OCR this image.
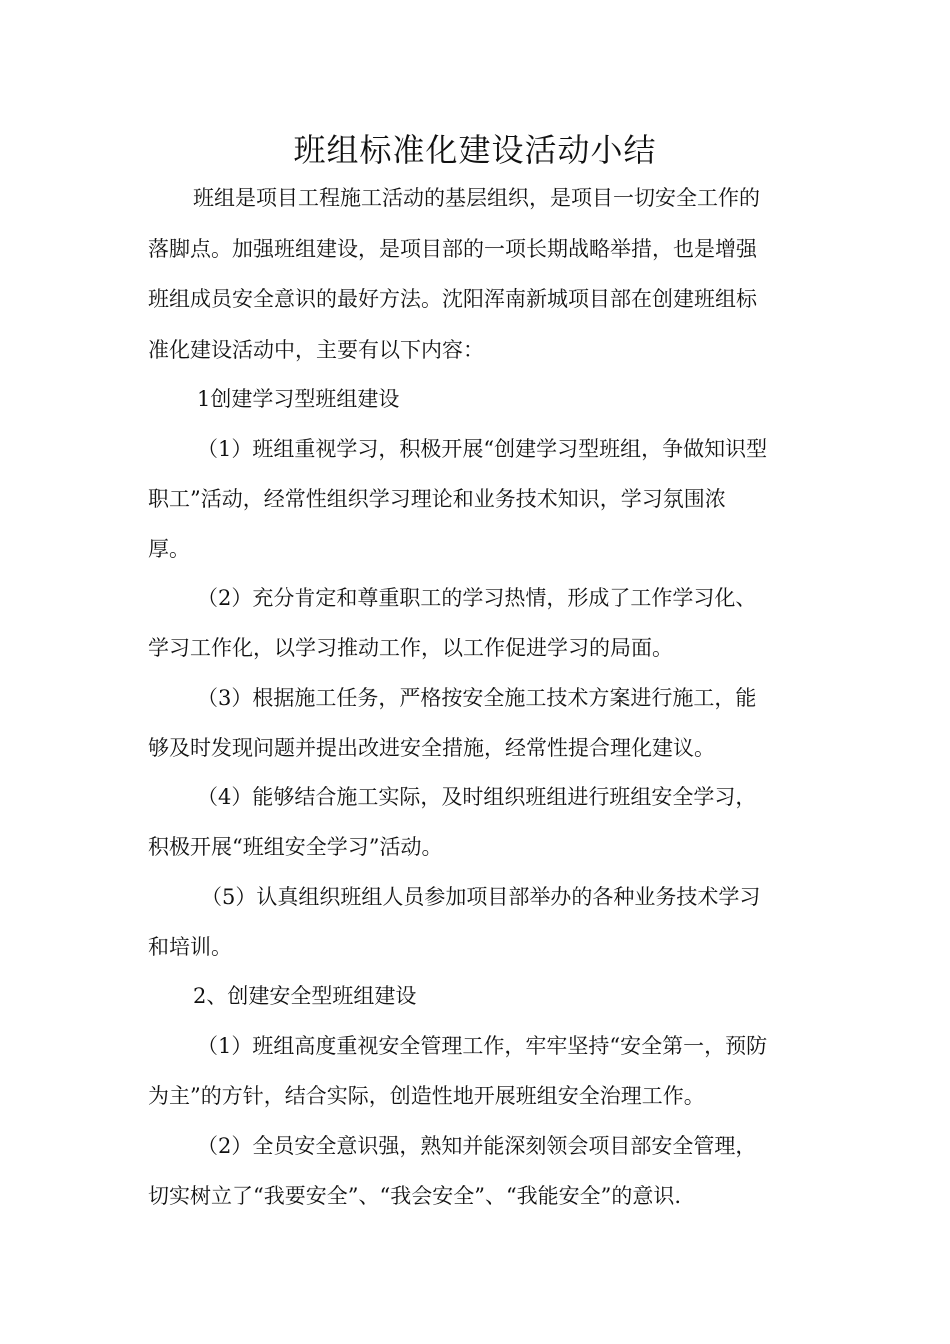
班组标准化建设活动小结
班组是项目工程施工活动的基层组织，是项目一切安全工作的
落脚点。加强班组建设，是项目部的一项长期战略举措，也是增强
班组成员安全意识的最好方法。沈阳浑南新城项目部在创建班组标
准化建设活动中，主要有以下内容：
1创建学习型班组建设
（1）班组重视学习，积极开展“创建学习型班组，争做知识型
职工”活动，经常性组织学习理论和业务技术知识，学习氛围浓
厚。
（2）充分肯定和尊重职工的学习热情，形成了工作学习化、
学习工作化，以学习推动工作，以工作促进学习的局面。
（3）根据施工任务，严格按安全施工技术方案进行施工，能
够及时发现问题并提出改进安全措施，经常性提合理化建议。
（4）能够结合施工实际，及时组织班组进行班组安全学习，
积极开展“班组安全学习”活动。
（5）认真组织班组人员参加项目部举办的各种业务技术学习
和培训。
2、创建安全型班组建设
（1）班组高度重视安全管理工作，牢牢坚持“安全第一，预防
为主”的方针，结合实际，创造性地开展班组安全治理工作。
（2）全员安全意识强，熟知并能深刻领会项目部安全管理，
切实树立了“我要安全”、“我会安全”、“我能安全”的意识.
